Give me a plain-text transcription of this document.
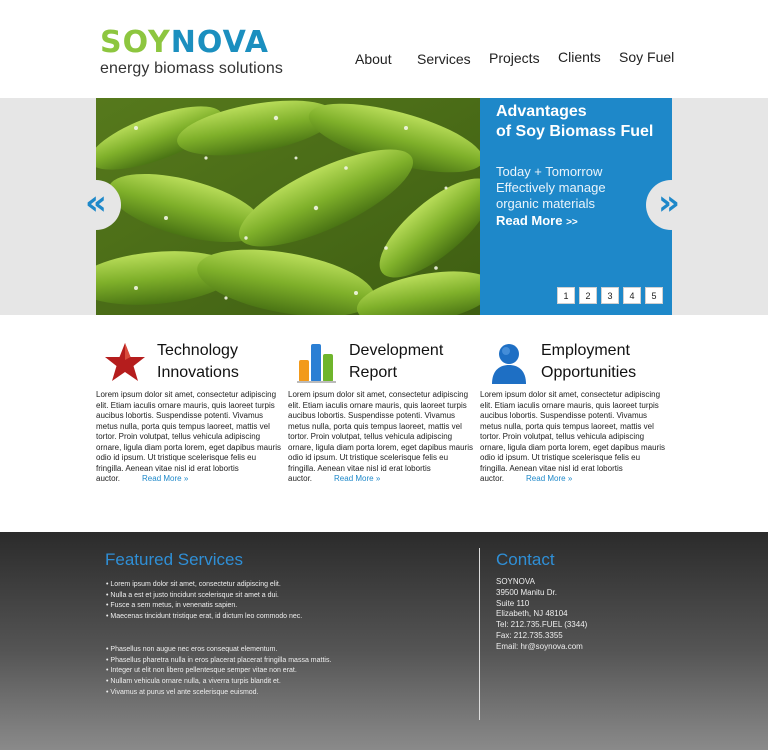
SOYNOVA
energy biomass solutions
About Services Projects Clients Soy Fuel
Advantages
of Soy Biomass Fuel
Today + Tomorrow
Effectively manage
organic materials
Read More >>
1	2	3	4	5
«	»
Technology
Innovations
Lorem ipsum dolor sit amet, consectetur adipiscing elit. Etiam iaculis ornare mauris, quis laoreet turpis aucibus lobortis. Suspendisse potenti. Vivamus metus nulla, porta quis tempus laoreet, mattis vel tortor. Proin volutpat, tellus vehicula adipiscing ornare, ligula diam porta lorem, eget dapibus mauris odio id ipsum. Ut tristique scelerisque felis eu fringilla. Aenean vitae nisl id erat lobortis auctor.	Read More »
Development
Report
Lorem ipsum dolor sit amet, consectetur adipiscing elit. Etiam iaculis ornare mauris, quis laoreet turpis aucibus lobortis. Suspendisse potenti. Vivamus metus nulla, porta quis tempus laoreet, mattis vel tortor. Proin volutpat, tellus vehicula adipiscing ornare, ligula diam porta lorem, eget dapibus mauris odio id ipsum. Ut tristique scelerisque felis eu fringilla. Aenean vitae nisl id erat lobortis auctor.	Read More »
Employment
Opportunities
Lorem ipsum dolor sit amet, consectetur adipiscing elit. Etiam iaculis ornare mauris, quis laoreet turpis aucibus lobortis. Suspendisse potenti. Vivamus metus nulla, porta quis tempus laoreet, mattis vel tortor. Proin volutpat, tellus vehicula adipiscing ornare, ligula diam porta lorem, eget dapibus mauris odio id ipsum. Ut tristique scelerisque felis eu fringilla. Aenean vitae nisl id erat lobortis auctor.	Read More »
Featured Services
• Lorem ipsum dolor sit amet, consectetur adipiscing elit.
• Nulla a est et justo tincidunt scelerisque sit amet a dui.
• Fusce a sem metus, in venenatis sapien.
• Maecenas tincidunt tristique erat, id dictum leo commodo nec.
• Phasellus non augue nec eros consequat elementum.
• Phasellus pharetra nulla in eros placerat placerat fringilla massa mattis.
• Integer ut elit non libero pellentesque semper vitae non erat.
• Nullam vehicula ornare nulla, a viverra turpis blandit et.
• Vivamus at purus vel ante scelerisque euismod.
Contact
SOYNOVA
39500 Manitu Dr.
Suite 110
Elizabeth, NJ 48104
Tel: 212.735.FUEL (3344)
Fax: 212.735.3355
Email: hr@soynova.com
